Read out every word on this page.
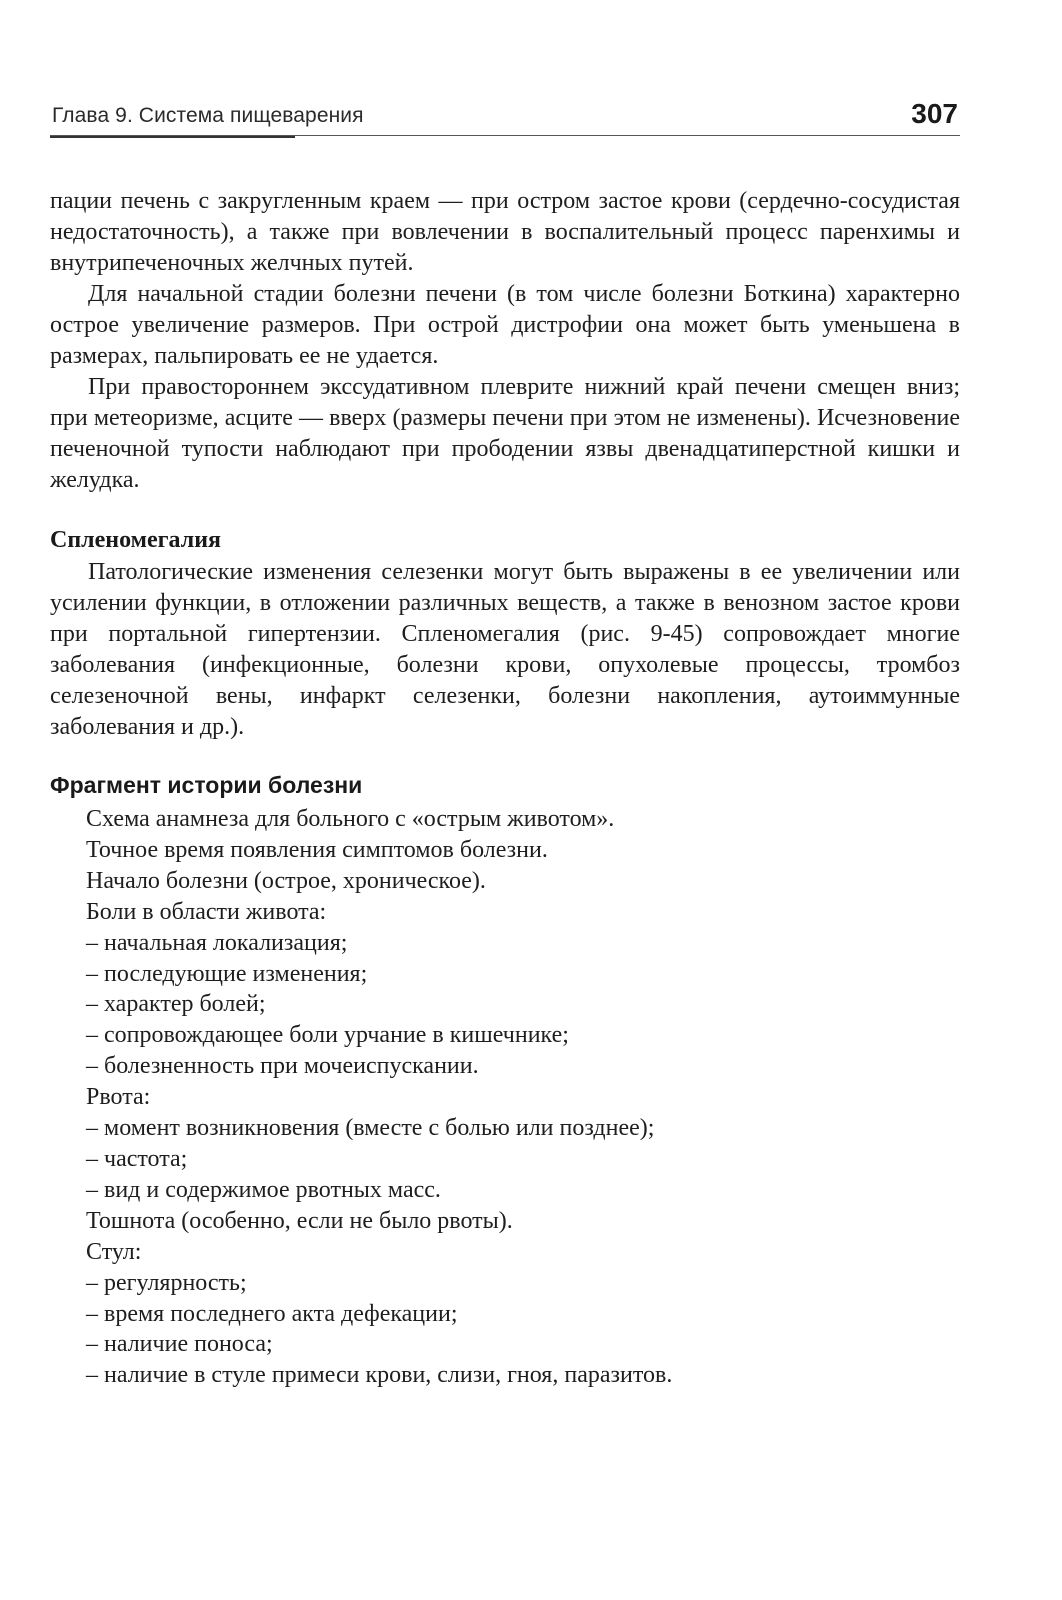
Глава 9. Система пищеварения	307

пации печень с закругленным краем — при остром застое крови (сердечно-сосудистая недостаточность), а также при вовлечении в воспалительный процесс паренхимы и внутрипеченочных желчных путей.

Для начальной стадии болезни печени (в том числе болезни Боткина) характерно острое увеличение размеров. При острой дистрофии она может быть уменьшена в размерах, пальпировать ее не удается.

При правостороннем экссудативном плеврите нижний край печени смещен вниз; при метеоризме, асците — вверх (размеры печени при этом не изменены). Исчезновение печеночной тупости наблюдают при прободении язвы двенадцатиперстной кишки и желудка.

Спленомегалия

Патологические изменения селезенки могут быть выражены в ее увеличении или усилении функции, в отложении различных веществ, а также в венозном застое крови при портальной гипертензии. Спленомегалия (рис. 9-45) сопровождает многие заболевания (инфекционные, болезни крови, опухолевые процессы, тромбоз селезеночной вены, инфаркт селезенки, болезни накопления, аутоиммунные заболевания и др.).

Фрагмент истории болезни
Схема анамнеза для больного с «острым животом».
Точное время появления симптомов болезни.
Начало болезни (острое, хроническое).
Боли в области живота:
– начальная локализация;
– последующие изменения;
– характер болей;
– сопровождающее боли урчание в кишечнике;
– болезненность при мочеиспускании.
Рвота:
– момент возникновения (вместе с болью или позднее);
– частота;
– вид и содержимое рвотных масс.
Тошнота (особенно, если не было рвоты).
Стул:
– регулярность;
– время последнего акта дефекации;
– наличие поноса;
– наличие в стуле примеси крови, слизи, гноя, паразитов.
